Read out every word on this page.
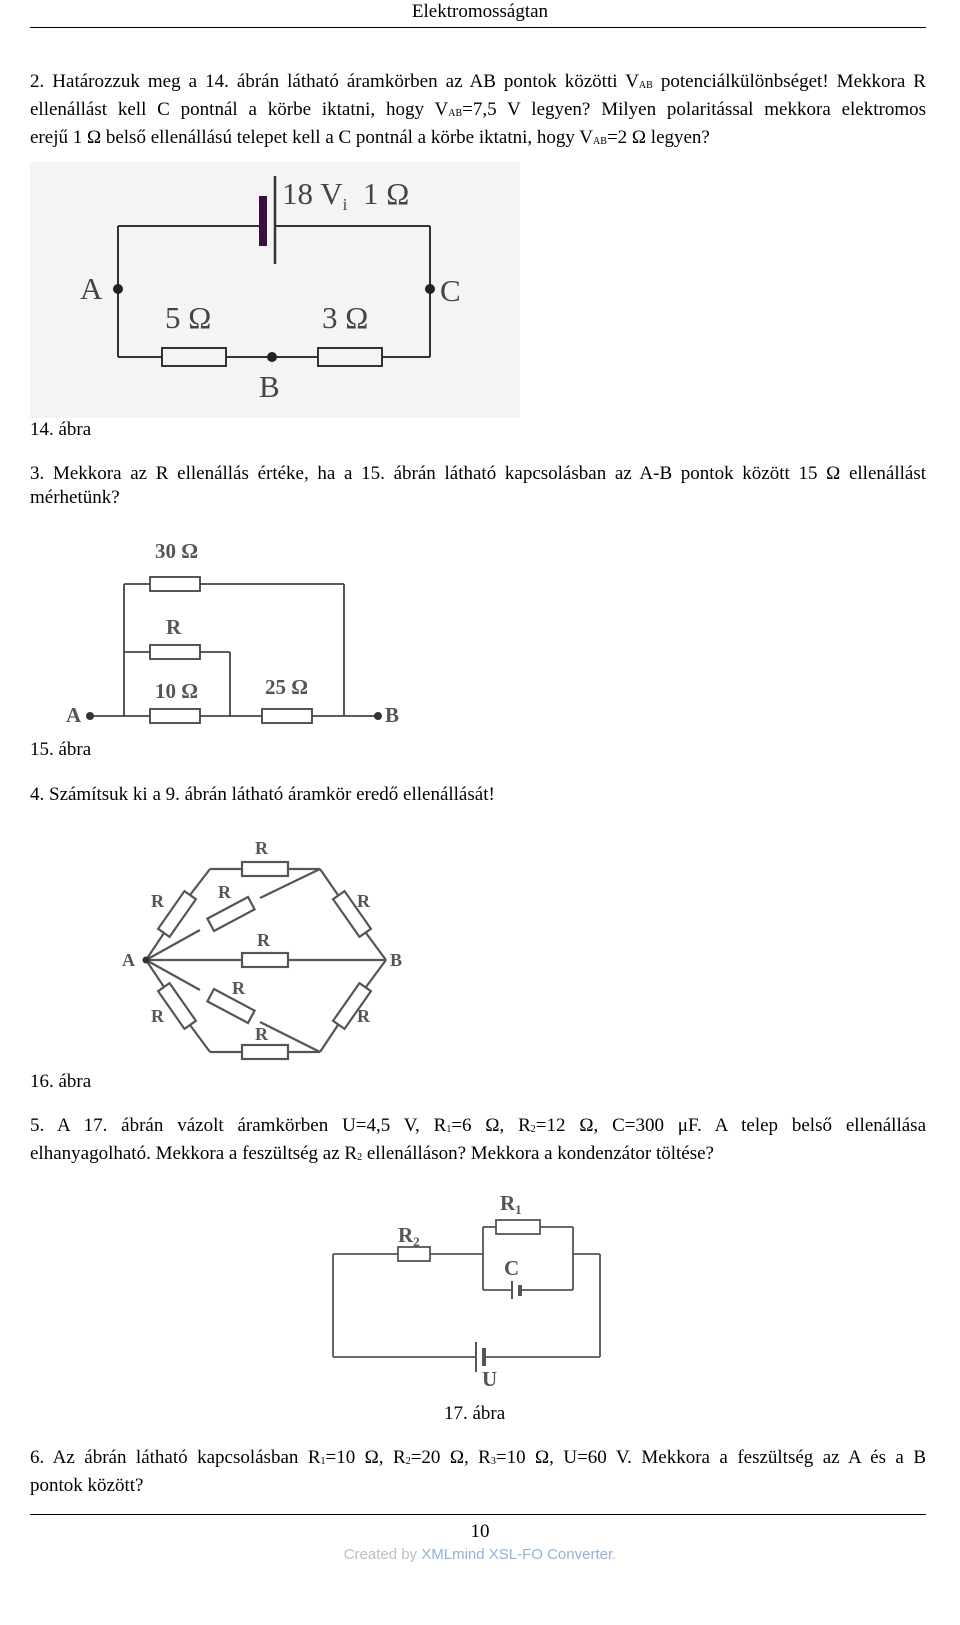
Elektromosságtan
2. Határozzuk meg a 14. ábrán látható áramkörben az AB pontok közötti $V_{AB}$ potenciálkülönbséget! Mekkora R
ellenállást kell C pontnál a körbe iktatni, hogy $V_{AB}=7,5$ V legyen? Milyen polaritással mekkora elektromos
erejű 1 Ω belső ellenállású telepet kell a C pontnál a körbe iktatni, hogy $V_{AB}=2$ Ω legyen?
18 Vi 1 Ω
A	C
B
5 Ω	3 Ω
14. ábra
3. Mekkora az R ellenállás értéke, ha a 15. ábrán látható kapcsolásban az A-B pontok között 15 Ω ellenállást
mérhetünk?
30 Ω
R
10 Ω	25 Ω
A	B
15. ábra
4. Számítsuk ki a 9. ábrán látható áramkör eredő ellenállását!
R
R	R	R
R
R
R	R
R
A	B
16. ábra
5. A 17. ábrán vázolt áramkörben U=4,5 V, $R_1=6$ Ω, $R_2=12$ Ω, C=300 μF. A telep belső ellenállása
elhanyagolható. Mekkora a feszültség az $R_2$ ellenálláson? Mekkora a kondenzátor töltése?
R2
R1
C
U
17. ábra
6. Az ábrán látható kapcsolásban $R_1=10$ Ω, $R_2=20$ Ω, $R_3=10$ Ω, U=60 V. Mekkora a feszültség az A és a B
pontok között?
10
Created by XMLmind XSL-FO Converter.
